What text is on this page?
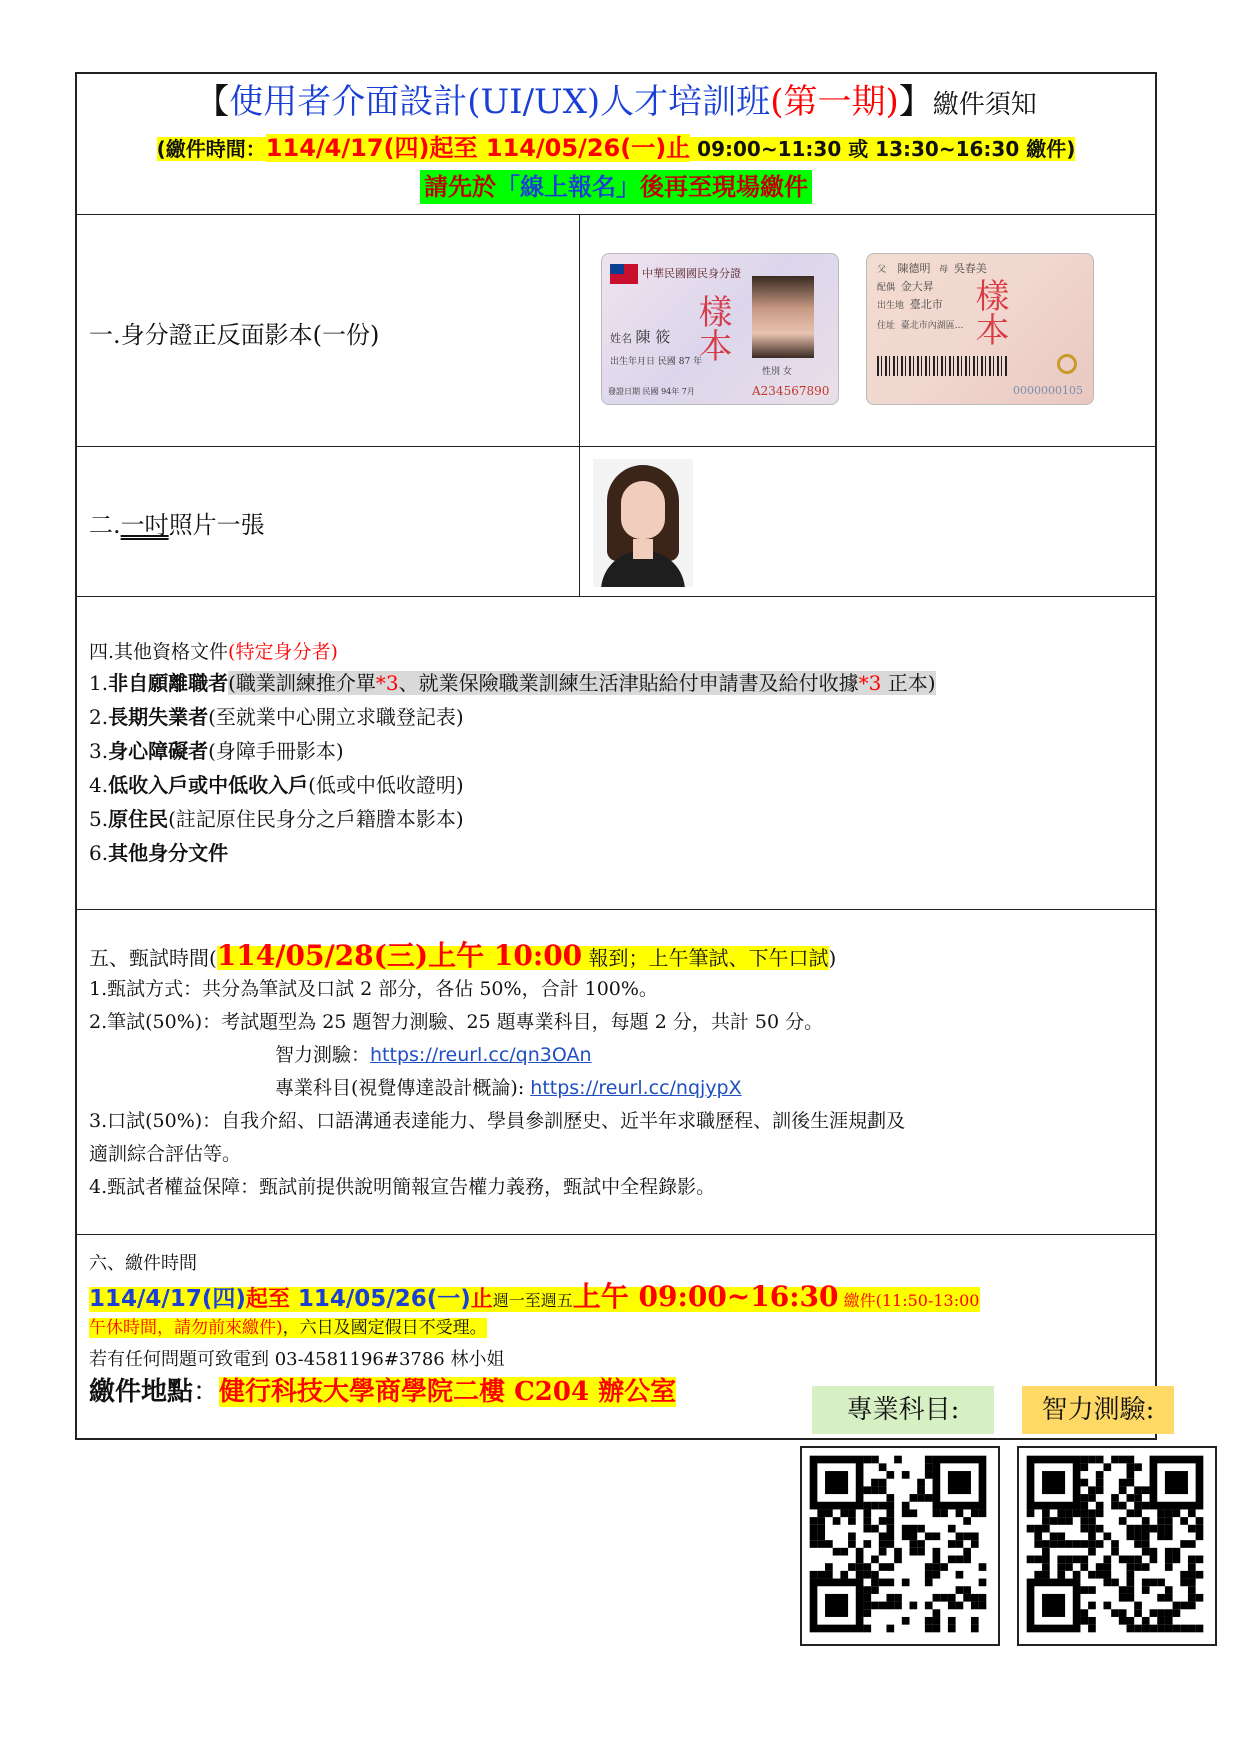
【使用者介面設計(UI/UX)人才培訓班(第一期)】繳件須知
(繳件時間：114/4/17(四)起至 114/05/26(一)止 09:00~11:30 或 13:30~16:30 繳件)
請先於「線上報名」後再至現場繳件
一.身分證正反面影本(一份)
中華民國國民身分證
樣本
姓名 陳 筱
出生年月日 民國 87 年
性別 女
發證日期 民國 94年 7月	A234567890
父 陳德明 母 吳春美
配偶 金大昇
出生地 臺北市
住址 臺北市內湖區... 樣本
0000000105
二.一吋照片一張
四.其他資格文件(特定身分者)
1.非自願離職者(職業訓練推介單*3、就業保險職業訓練生活津貼給付申請書及給付收據*3 正本)
2.長期失業者(至就業中心開立求職登記表)
3.身心障礙者(身障手冊影本)
4.低收入戶或中低收入戶(低或中低收證明)
5.原住民(註記原住民身分之戶籍謄本影本)
6.其他身分文件
五、甄試時間(114/05/28(三)上午 10:00 報到；上午筆試、下午口試)
1.甄試方式：共分為筆試及口試 2 部分，各佔 50%，合計 100%。
2.筆試(50%)：考試題型為 25 題智力測驗、25 題專業科目，每題 2 分，共計 50 分。
智力測驗：https://reurl.cc/qn3OAn
專業科目(視覺傳達設計概論): https://reurl.cc/nqjypX
3.口試(50%)：自我介紹、口語溝通表達能力、學員參訓歷史、近半年求職歷程、訓後生涯規劃及
適訓綜合評估等。
4.甄試者權益保障：甄試前提供說明簡報宣告權力義務，甄試中全程錄影。
六、繳件時間
114/4/17(四)起至 114/05/26(一)止週一至週五上午 09:00~16:30 繳件(11:50-13:00
午休時間，請勿前來繳件)，六日及國定假日不受理。
若有任何問題可致電到 03-4581196#3786 林小姐
繳件地點：健行科技大學商學院二樓 C204 辦公室
專業科目:	智力測驗:
